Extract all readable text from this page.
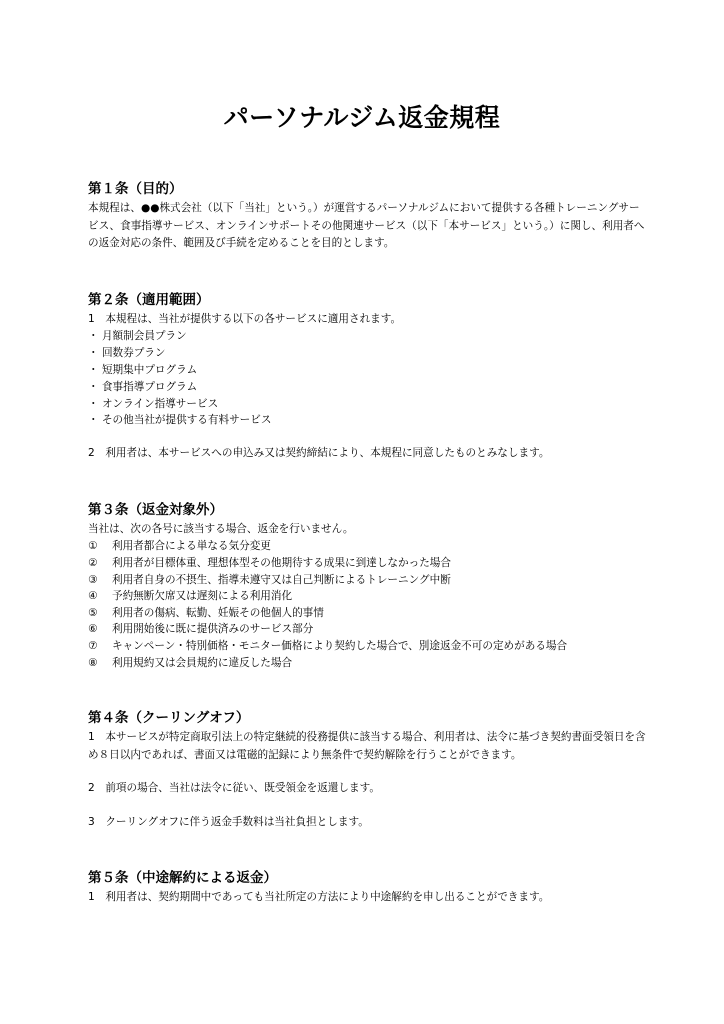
パーソナルジム返金規程

第１条（目的）

本規程は、●●株式会社（以下「当社」という。）が運営するパーソナルジムにおいて提供する各種トレーニングサービス、食事指導サービス、オンラインサポートその他関連サービス（以下「本サービス」という。）に関し、利用者への返金対応の条件、範囲及び手続を定めることを目的とします。

第２条（適用範囲）

1　本規程は、当社が提供する以下の各サービスに適用されます。

・ 月額制会員プラン

・ 回数券プラン

・ 短期集中プログラム

・ 食事指導プログラム

・ オンライン指導サービス

・ その他当社が提供する有料サービス

2　利用者は、本サービスへの申込み又は契約締結により、本規程に同意したものとみなします。

第３条（返金対象外）

当社は、次の各号に該当する場合、返金を行いません。

①	利用者都合による単なる気分変更
②	利用者が目標体重、理想体型その他期待する成果に到達しなかった場合
③	利用者自身の不摂生、指導未遵守又は自己判断によるトレーニング中断
④	予約無断欠席又は遅刻による利用消化
⑤	利用者の傷病、転勤、妊娠その他個人的事情
⑥	利用開始後に既に提供済みのサービス部分
⑦	キャンペーン・特別価格・モニター価格により契約した場合で、別途返金不可の定めがある場合
⑧	利用規約又は会員規約に違反した場合

第４条（クーリングオフ）

1　本サービスが特定商取引法上の特定継続的役務提供に該当する場合、利用者は、法令に基づき契約書面受領日を含め８日以内であれば、書面又は電磁的記録により無条件で契約解除を行うことができます。

2　前項の場合、当社は法令に従い、既受領金を返還します。

3　クーリングオフに伴う返金手数料は当社負担とします。

第５条（中途解約による返金）

1　利用者は、契約期間中であっても当社所定の方法により中途解約を申し出ることができます。
